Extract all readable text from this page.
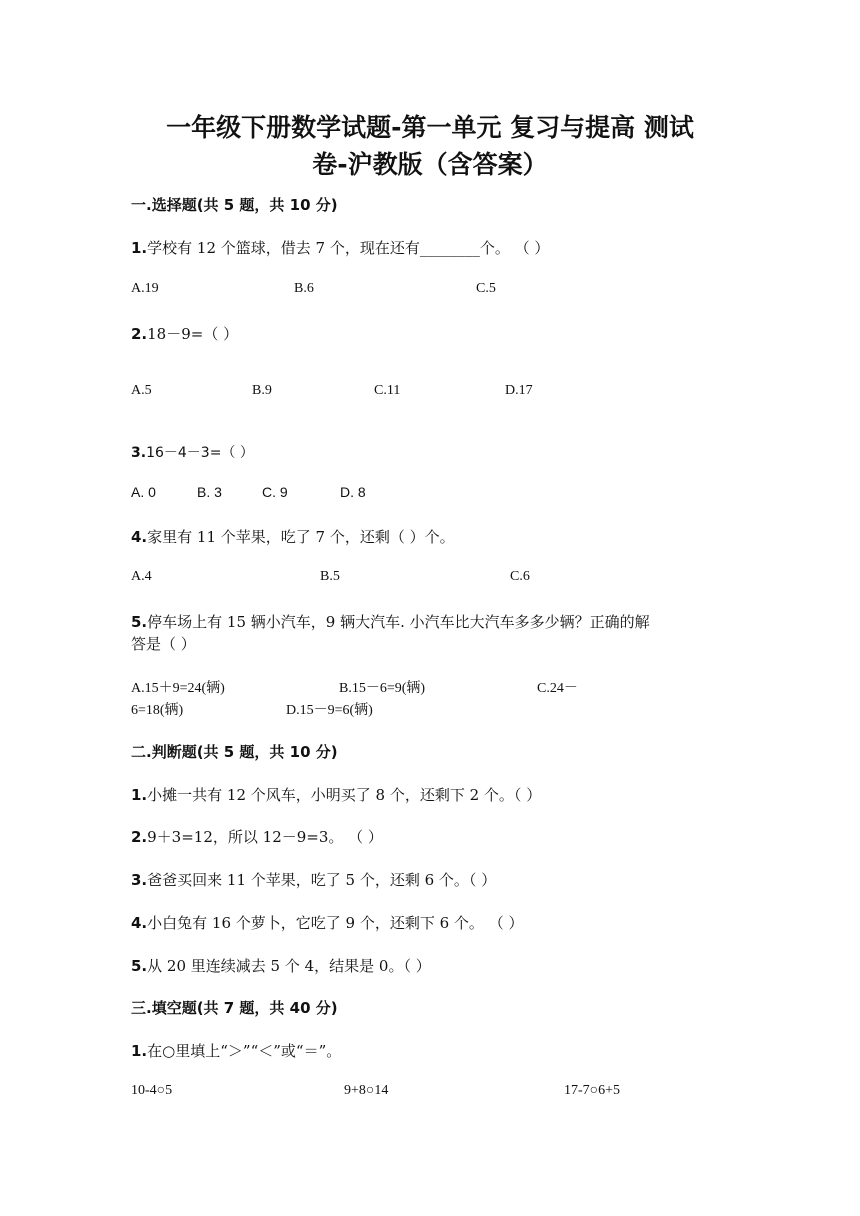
一年级下册数学试题-第一单元 复习与提高 测试
卷-沪教版（含答案）
一.选择题(共 5 题，共 10 分)
1.学校有 12 个篮球，借去 7 个，现在还有________个。 （ ）
A.19	B.6	C.5
2.18－9=（ ）
A.5	B.9	C.11	D.17
3.16－4－3=（ ）
A. 0	B. 3	C. 9	D. 8
4.家里有 11 个苹果，吃了 7 个，还剩（ ）个。
A.4	B.5	C.6
5.停车场上有 15 辆小汽车，9 辆大汽车. 小汽车比大汽车多多少辆？正确的解
答是（ ）
A.15＋9=24(辆)	B.15－6=9(辆)	C.24－
6=18(辆)	D.15－9=6(辆)
二.判断题(共 5 题，共 10 分)
1.小摊一共有 12 个风车，小明买了 8 个，还剩下 2 个。（ ）
2.9＋3=12，所以 12－9=3。 （ ）
3.爸爸买回来 11 个苹果，吃了 5 个，还剩 6 个。（ ）
4.小白兔有 16 个萝卜，它吃了 9 个，还剩下 6 个。 （ ）
5.从 20 里连续减去 5 个 4，结果是 0。（ ）
三.填空题(共 7 题，共 40 分)
1.在○里填上“＞”“＜”或“＝”。
10-4○5	9+8○14	17-7○6+5
